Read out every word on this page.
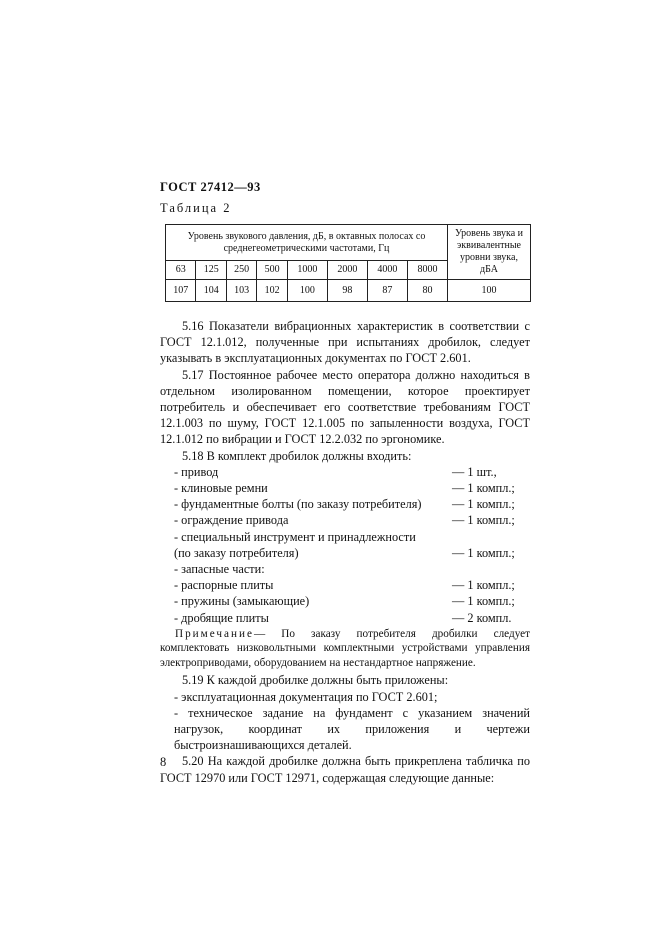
ГОСТ 27412—93
Таблица 2
Уровень звукового давления, дБ, в октавных полосах со среднегеометрическими частотами, Гц								Уровень звука и эквивалентные уровни звука, дБА
63	125	250	500	1000	2000	4000	8000	
107	104	103	102	100	98	87	80	100

5.16 Показатели вибрационных характеристик в соответствии с ГОСТ 12.1.012, полученные при испытаниях дробилок, следует указывать в эксплуатационных документах по ГОСТ 2.601.

5.17 Постоянное рабочее место оператора должно находиться в отдельном изолированном помещении, которое проектирует потребитель и обеспечивает его соответствие требованиям ГОСТ 12.1.003 по шуму, ГОСТ 12.1.005 по запыленности воздуха, ГОСТ 12.1.012 по вибрации и ГОСТ 12.2.032 по эргономике.

5.18 В комплект дробилок должны входить:

- привод	— 1 шт.,
- клиновые ремни	— 1 компл.;
- фундаментные болты (по заказу потребителя) — 1 компл.;
- ограждение привода	— 1 компл.;
- специальный инструмент и принадлежности
(по заказу потребителя)	— 1 компл.;
- запасные части:
- распорные плиты	— 1 компл.;
- пружины (замыкающие)	— 1 компл.;
- дробящие плиты	— 2 компл.

Примечание— По заказу потребителя дробилки следует комплектовать низковольтными комплектными устройствами управления электроприводами, оборудованием на нестандартное напряжение.

5.19 К каждой дробилке должны быть приложены:

- эксплуатационная документация по ГОСТ 2.601;

- техническое задание на фундамент с указанием значений нагрузок, координат их приложения и чертежи быстроизнашивающихся деталей.

5.20 На каждой дробилке должна быть прикреплена табличка по ГОСТ 12970 или ГОСТ 12971, содержащая следующие данные:

8
